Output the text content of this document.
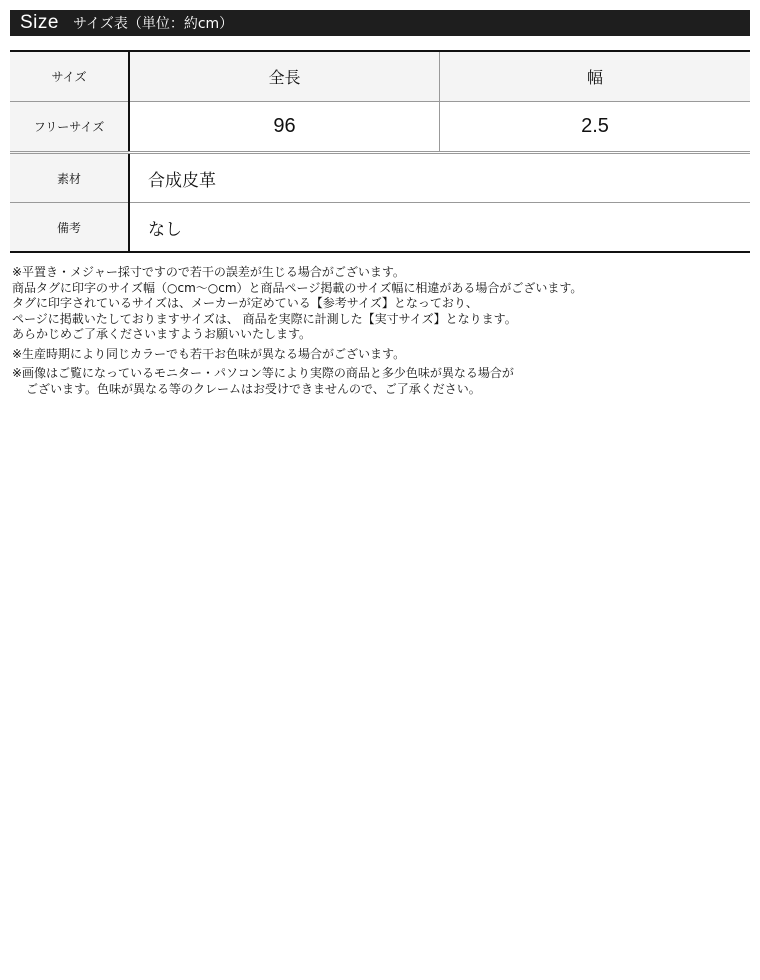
Size サイズ表（単位：約cm）
サイズ	全長	幅
フリーサイズ	96	2.5
素材	合成皮革	
備考	なし	

※平置き・メジャー採寸ですので若干の誤差が生じる場合がございます。

商品タグに印字のサイズ幅（○cm～○cm）と商品ページ掲載のサイズ幅に相違がある場合がございます。

タグに印字されているサイズは、メーカーが定めている【参考サイズ】となっており、

ページに掲載いたしておりますサイズは、 商品を実際に計測した【実寸サイズ】となります。

あらかじめご了承くださいますようお願いいたします。

※生産時期により同じカラーでも若干お色味が異なる場合がございます。

※画像はご覧になっているモニター・パソコン等により実際の商品と多少色味が異なる場合が

ございます。色味が異なる等のクレームはお受けできませんので、ご了承ください。
